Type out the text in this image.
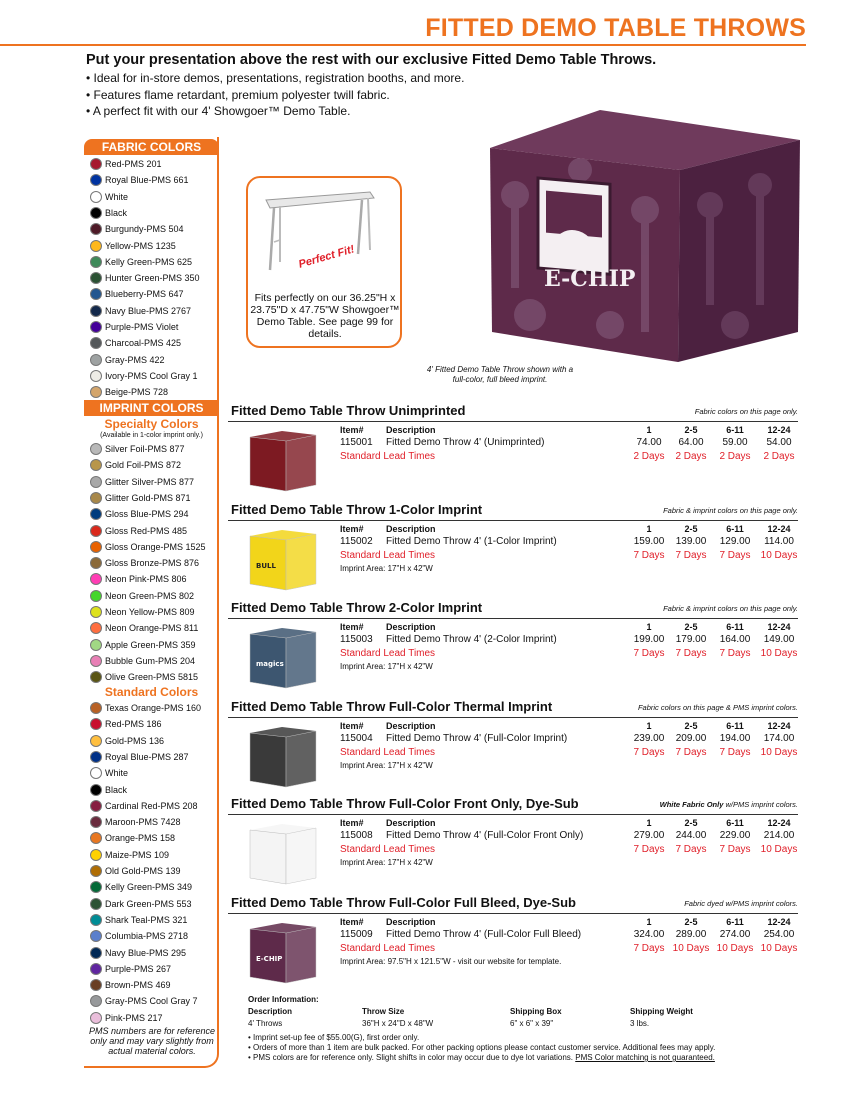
FITTED DEMO TABLE THROWS
Put your presentation above the rest with our exclusive Fitted Demo Table Throws.
• Ideal for in-store demos, presentations, registration booths, and more.
• Features flame retardant, premium polyester twill fabric.
• A perfect fit with our 4' Showgoer™ Demo Table.
FABRIC COLORS
Red-PMS 201
Royal Blue-PMS 661
White
Black
Burgundy-PMS 504
Yellow-PMS 1235
Kelly Green-PMS 625
Hunter Green-PMS 350
Blueberry-PMS 647
Navy Blue-PMS 2767
Purple-PMS Violet
Charcoal-PMS 425
Gray-PMS 422
Ivory-PMS Cool Gray 1
Beige-PMS 728
IMPRINT COLORS
Specialty Colors
(Available in 1-color imprint only.)
Silver Foil-PMS 877
Gold Foil-PMS 872
Glitter Silver-PMS 877
Glitter Gold-PMS 871
Gloss Blue-PMS 294
Gloss Red-PMS 485
Gloss Orange-PMS 1525
Gloss Bronze-PMS 876
Neon Pink-PMS 806
Neon Green-PMS 802
Neon Yellow-PMS 809
Neon Orange-PMS 811
Apple Green-PMS 359
Bubble Gum-PMS 204
Olive Green-PMS 5815
Standard Colors
Texas Orange-PMS 160
Red-PMS 186
Gold-PMS 136
Royal Blue-PMS 287
White
Black
Cardinal Red-PMS 208
Maroon-PMS 7428
Orange-PMS 158
Maize-PMS 109
Old Gold-PMS 139
Kelly Green-PMS 349
Dark Green-PMS 553
Shark Teal-PMS 321
Columbia-PMS 2718
Navy Blue-PMS 295
Purple-PMS 267
Brown-PMS 469
Gray-PMS Cool Gray 7
Pink-PMS 217
PMS numbers are for reference only and may vary slightly from actual material colors.
Perfect Fit!
Fits perfectly on our 36.25"H x 23.75"D x 47.75"W Showgoer™ Demo Table. See page 99 for details.
E-CHIP
4' Fitted Demo Table Throw shown with a full-color, full bleed imprint.
Fitted Demo Table Throw Unimprinted	Fabric colors on this page only.
Item# Description	1	2-5	6-11	12-24
115001 Fitted Demo Throw 4' (Unimprinted)	74.00	64.00	59.00	54.00
Standard Lead Times	2 Days	2 Days	2 Days	2 Days
Fitted Demo Table Throw 1-Color Imprint	Fabric & imprint colors on this page only.
Item# Description	1	2-5	6-11	12-24
115002 Fitted Demo Throw 4' (1-Color Imprint)	159.00	139.00	129.00	114.00
Standard Lead Times	7 Days	7 Days	7 Days	10 Days
Imprint Area: 17"H x 42"W
BULL
Fitted Demo Table Throw 2-Color Imprint	Fabric & imprint colors on this page only.
Item# Description	1	2-5	6-11	12-24
115003 Fitted Demo Throw 4' (2-Color Imprint)	199.00	179.00	164.00	149.00
Standard Lead Times	7 Days	7 Days	7 Days	10 Days
Imprint Area: 17"H x 42"W
magics
Fitted Demo Table Throw Full-Color Thermal Imprint	Fabric colors on this page & PMS imprint colors.
Item# Description	1	2-5	6-11	12-24
115004 Fitted Demo Throw 4' (Full-Color Imprint)	239.00	209.00	194.00	174.00
Standard Lead Times	7 Days	7 Days	7 Days	10 Days
Imprint Area: 17"H x 42"W
Fitted Demo Table Throw Full-Color Front Only, Dye-Sub	White Fabric Only w/PMS imprint colors.
Item# Description	1	2-5	6-11	12-24
115008 Fitted Demo Throw 4' (Full-Color Front Only)	279.00	244.00	229.00	214.00
Standard Lead Times	7 Days	7 Days	7 Days	10 Days
Imprint Area: 17"H x 42"W
Fitted Demo Table Throw Full-Color Full Bleed, Dye-Sub	Fabric dyed w/PMS imprint colors.
Item# Description	1	2-5	6-11	12-24
115009 Fitted Demo Throw 4' (Full-Color Full Bleed)	324.00	289.00	274.00	254.00
Standard Lead Times	7 Days 10 Days 10 Days 10 Days
Imprint Area: 97.5"H x 121.5"W - visit our website for template.
E-CHIP
Order Information:
Description	Throw Size	Shipping Box	Shipping Weight
4' Throws	36"H x 24"D x 48"W	6" x 6" x 39"	3 lbs.
• Imprint set-up fee of $55.00(G), first order only.
• Orders of more than 1 item are bulk packed. For other packing options please contact customer service. Additional fees may apply.
• PMS colors are for reference only. Slight shifts in color may occur due to dye lot variations. PMS Color matching is not guaranteed.
